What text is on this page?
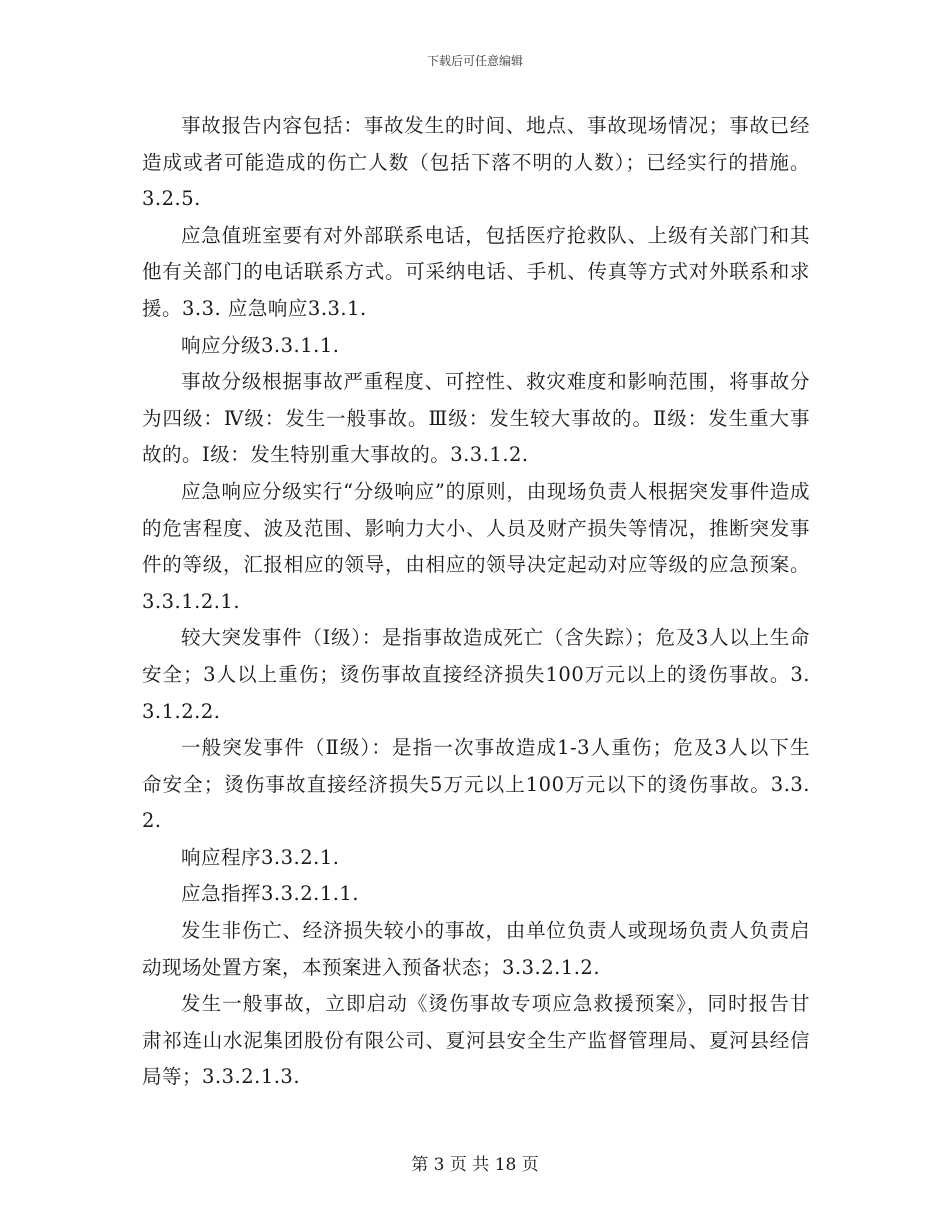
下载后可任意编辑

事故报告内容包括：事故发生的时间、地点、事故现场情况；事故已经造成或者可能造成的伤亡人数（包括下落不明的人数）；已经实行的措施。3.2.5.

应急值班室要有对外部联系电话，包括医疗抢救队、上级有关部门和其他有关部门的电话联系方式。可采纳电话、手机、传真等方式对外联系和求援。3.3. 应急响应3.3.1.

响应分级3.3.1.1.

事故分级根据事故严重程度、可控性、救灾难度和影响范围，将事故分为四级：Ⅳ级：发生一般事故。Ⅲ级：发生较大事故的。Ⅱ级：发生重大事故的。Ⅰ级：发生特别重大事故的。3.3.1.2.

应急响应分级实行“分级响应”的原则，由现场负责人根据突发事件造成的危害程度、波及范围、影响力大小、人员及财产损失等情况，推断突发事件的等级，汇报相应的领导，由相应的领导决定起动对应等级的应急预案。3.3.1.2.1.

较大突发事件（Ⅰ级）：是指事故造成死亡（含失踪）；危及3人以上生命安全；3人以上重伤；烫伤事故直接经济损失100万元以上的烫伤事故。3.3.1.2.2.

一般突发事件（Ⅱ级）：是指一次事故造成1-3人重伤；危及3人以下生命安全；烫伤事故直接经济损失5万元以上100万元以下的烫伤事故。3.3.2.

响应程序3.3.2.1.

应急指挥3.3.2.1.1.

发生非伤亡、经济损失较小的事故，由单位负责人或现场负责人负责启动现场处置方案，本预案进入预备状态；3.3.2.1.2.

发生一般事故，立即启动《烫伤事故专项应急救援预案》，同时报告甘肃祁连山水泥集团股份有限公司、夏河县安全生产监督管理局、夏河县经信局等；3.3.2.1.3.

第 3 页 共 18 页
